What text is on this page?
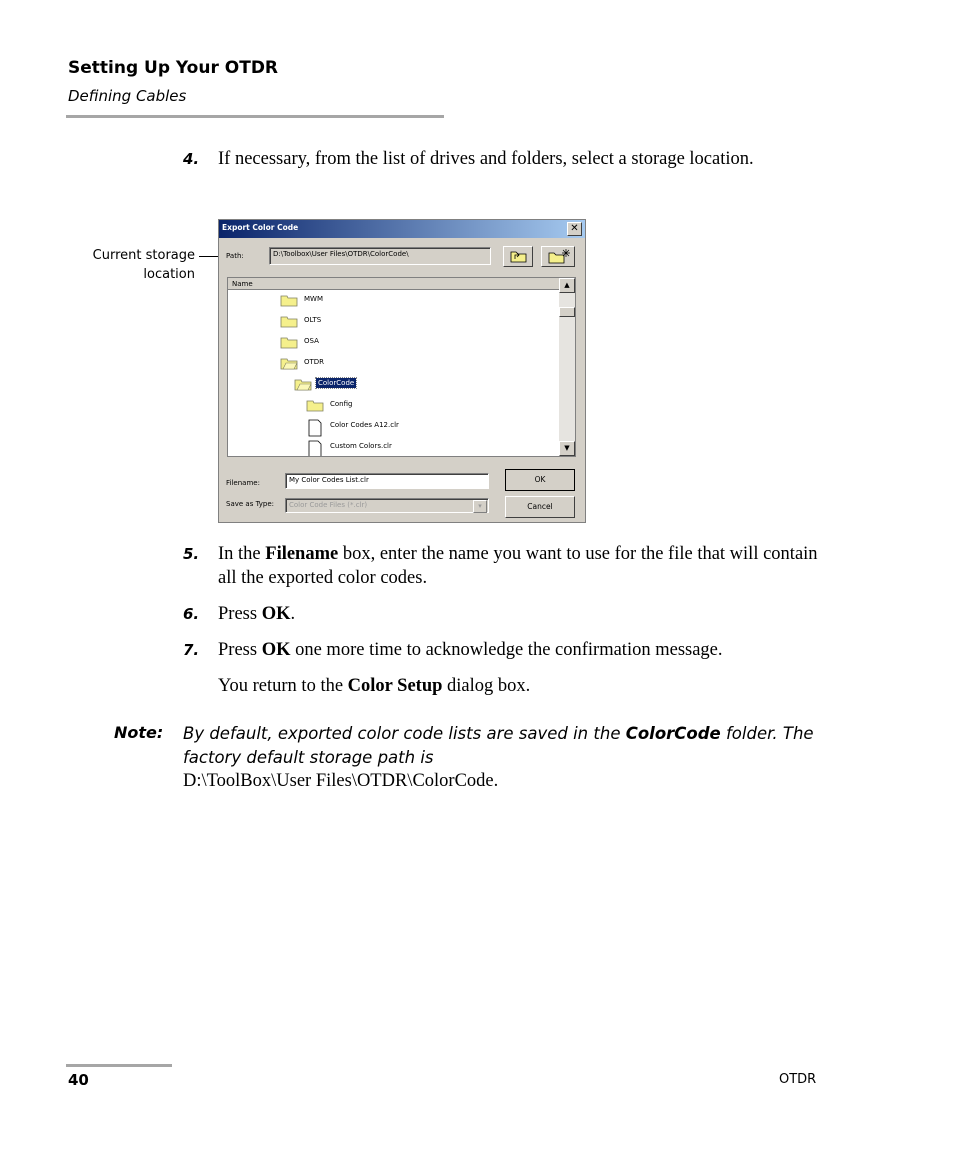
Setting Up Your OTDR
Defining Cables
4. If necessary, from the list of drives and folders, select a storage location.
Current storage
location
Export Color Code	✕
Path:	D:\Toolbox\User Files\OTDR\ColorCode\
Name	▲
▼
MWM
OLTS
OSA
OTDR
ColorCode
Config
Color Codes A12.clr
Custom Colors.clr
Filename:	My Color Codes List.clr
Save as Type:	Color Code Files (*.clr)	▾
OK
Cancel
5. In the Filename box, enter the name you want to use for the file that will contain all the exported color codes.
6. Press OK.
7. Press OK one more time to acknowledge the confirmation message.
You return to the Color Setup dialog box.
Note: By default, exported color code lists are saved in the ColorCode folder. The factory default storage path is
D:\ToolBox\User Files\OTDR\ColorCode.
40	OTDR
